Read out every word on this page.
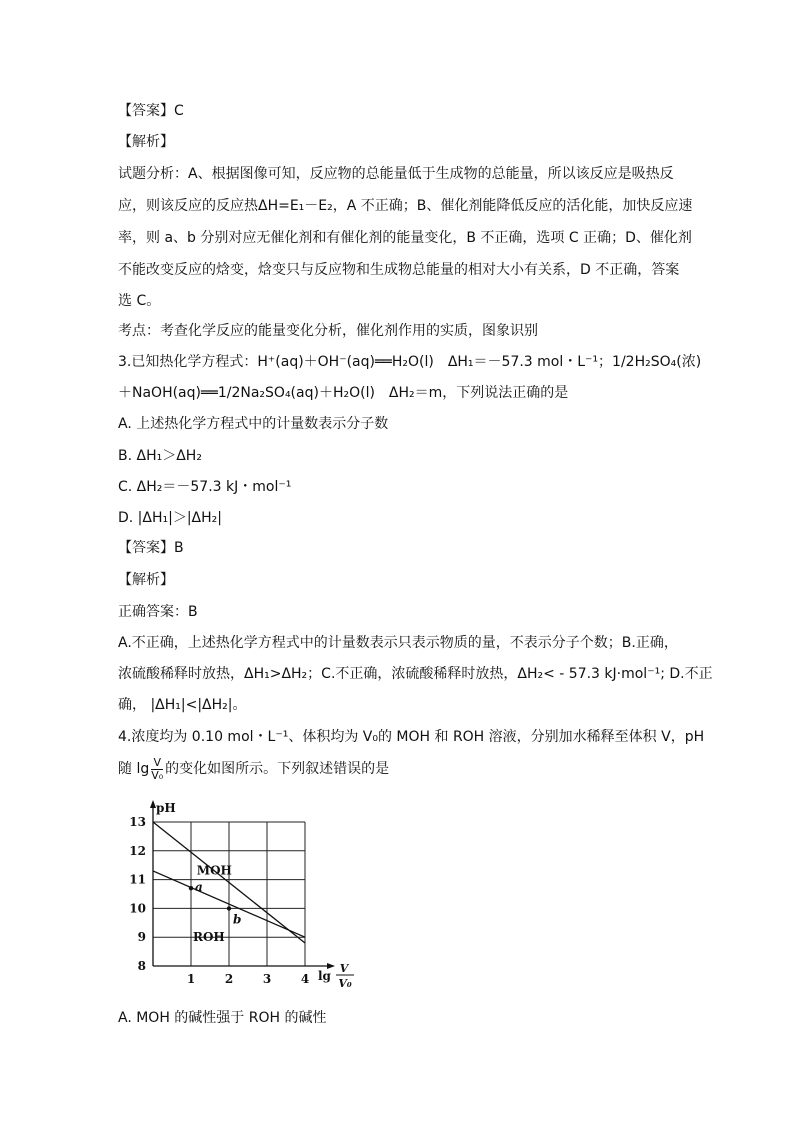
【答案】C
【解析】
试题分析：A、根据图像可知，反应物的总能量低于生成物的总能量，所以该反应是吸热反
应，则该反应的反应热ΔH=E₁－E₂，A 不正确；B、催化剂能降低反应的活化能，加快反应速
率，则 a、b 分别对应无催化剂和有催化剂的能量变化，B 不正确，选项 C 正确；D、催化剂
不能改变反应的焓变，焓变只与反应物和生成物总能量的相对大小有关系，D 不正确，答案
选 C。
考点：考查化学反应的能量变化分析，催化剂作用的实质，图象识别
3.已知热化学方程式：H⁺(aq)＋OH⁻(aq)══H₂O(l)　ΔH₁＝－57.3 mol・L⁻¹；1/2H₂SO₄(浓)
＋NaOH(aq)══1/2Na₂SO₄(aq)＋H₂O(l)　ΔH₂＝m，下列说法正确的是
A. 上述热化学方程式中的计量数表示分子数
B. ΔH₁＞ΔH₂
C. ΔH₂＝－57.3 kJ・mol⁻¹
D. |ΔH₁|＞|ΔH₂|
【答案】B
【解析】
正确答案：B
A.不正确，上述热化学方程式中的计量数表示只表示物质的量，不表示分子个数；B.正确，
浓硫酸稀释时放热，ΔH₁>ΔH₂；C.不正确，浓硫酸稀释时放热，ΔH₂< - 57.3 kJ·mol⁻¹; D.不正
确， |ΔH₁|<|ΔH₂|。
4.浓度均为 0.10 mol・L⁻¹、体积均为 V₀的 MOH 和 ROH 溶液，分别加水稀释至体积 V，pH
随 $\lg \frac{V}{\text{V₀}}$ 的变化如图所示。下列叙述错误的是
8
9
10
11
12
13
1 2 3 4
pH
lg
V
V₀
MOH
ROH
a
b
A. MOH 的碱性强于 ROH 的碱性
